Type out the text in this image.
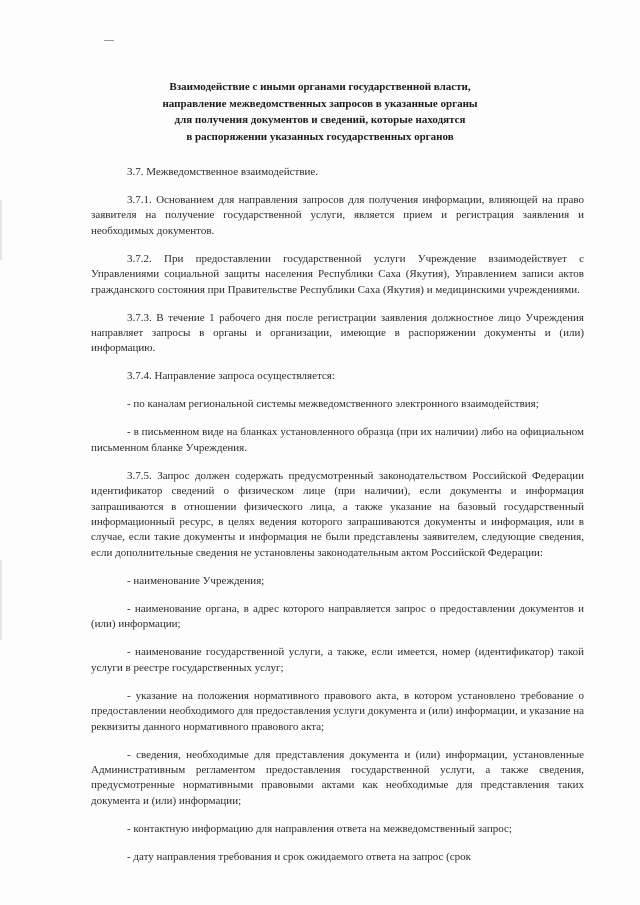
Взаимодействие с иными органами государственной власти,
направление межведомственных запросов в указанные органы
для получения документов и сведений, которые находятся
в распоряжении указанных государственных органов

3.7. Межведомственное взаимодействие.

3.7.1. Основанием для направления запросов для получения информации, влияющей на право заявителя на получение государственной услуги, является прием и регистрация заявления и необходимых документов.

3.7.2. При предоставлении государственной услуги Учреждение взаимодействует с Управлениями социальной защиты населения Республики Саха (Якутия), Управлением записи актов гражданского состояния при Правительстве Республики Саха (Якутия) и медицинскими учреждениями.

3.7.3. В течение 1 рабочего дня после регистрации заявления должностное лицо Учреждения направляет запросы в органы и организации, имеющие в распоряжении документы и (или) информацию.

3.7.4. Направление запроса осуществляется:

- по каналам региональной системы межведомственного электронного взаимодействия;

- в письменном виде на бланках установленного образца (при их наличии) либо на официальном письменном бланке Учреждения.

3.7.5. Запрос должен содержать предусмотренный законодательством Российской Федерации идентификатор сведений о физическом лице (при наличии), если документы и информация запрашиваются в отношении физического лица, а также указание на базовый государственный информационный ресурс, в целях ведения которого запрашиваются документы и информация, или в случае, если такие документы и информация не были представлены заявителем, следующие сведения, если дополнительные сведения не установлены законодательным актом Российской Федерации:

- наименование Учреждения;

- наименование органа, в адрес которого направляется запрос о предоставлении документов и (или) информации;

- наименование государственной услуги, а также, если имеется, номер (идентификатор) такой услуги в реестре государственных услуг;

- указание на положения нормативного правового акта, в котором установлено требование о предоставлении необходимого для предоставления услуги документа и (или) информации, и указание на реквизиты данного нормативного правового акта;

- сведения, необходимые для представления документа и (или) информации, установленные Административным регламентом предоставления государственной услуги, а также сведения, предусмотренные нормативными правовыми актами как необходимые для представления таких документа и (или) информации;

- контактную информацию для направления ответа на межведомственный запрос;

- дату направления требования и срок ожидаемого ответа на запрос (срок
